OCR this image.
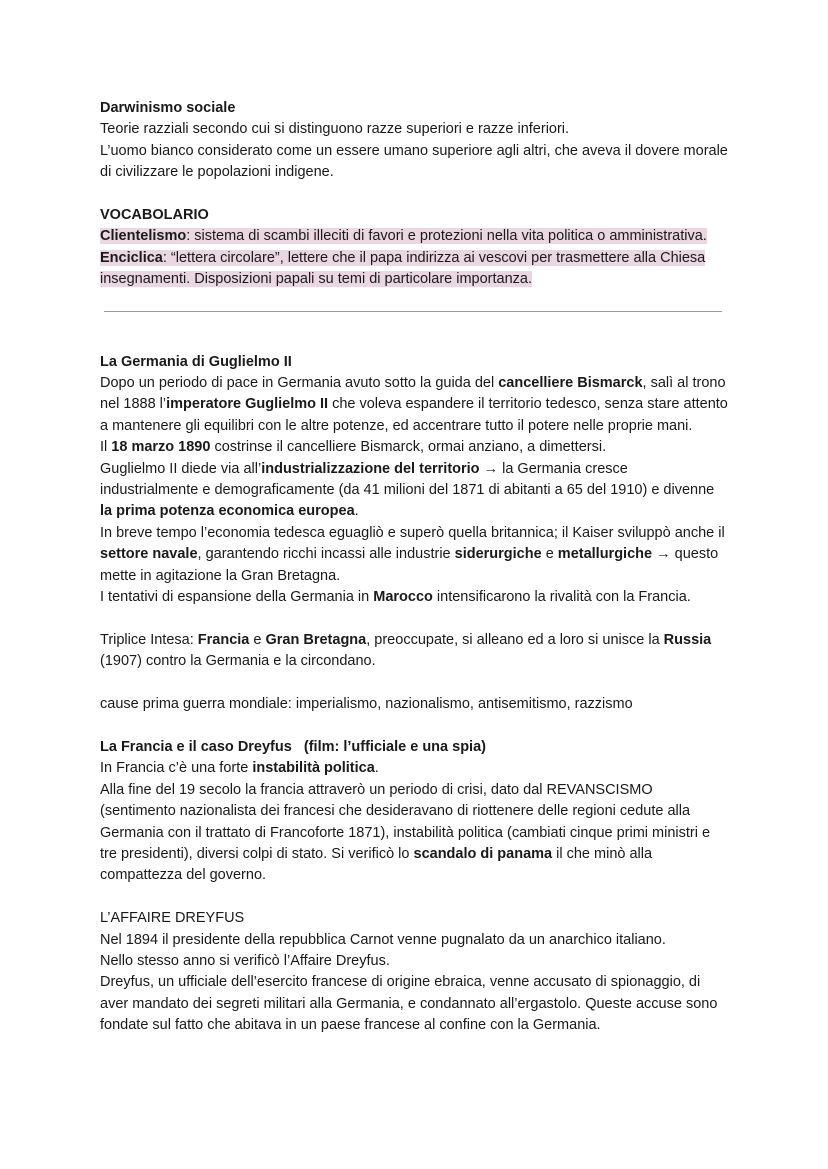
Darwinismo sociale

Teorie razziali secondo cui si distinguono razze superiori e razze inferiori.

L’uomo bianco considerato come un essere umano superiore agli altri, che aveva il dovere morale di civilizzare le popolazioni indigene.

VOCABOLARIO

Clientelismo: sistema di scambi illeciti di favori e protezioni nella vita politica o amministrativa.

Enciclica: “lettera circolare”, lettere che il papa indirizza ai vescovi per trasmettere alla Chiesa insegnamenti. Disposizioni papali su temi di particolare importanza.

La Germania di Guglielmo II

Dopo un periodo di pace in Germania avuto sotto la guida del cancelliere Bismarck, salì al trono nel 1888 l’imperatore Guglielmo II che voleva espandere il territorio tedesco, senza stare attento a mantenere gli equilibri con le altre potenze, ed accentrare tutto il potere nelle proprie mani.

Il 18 marzo 1890 costrinse il cancelliere Bismarck, ormai anziano, a dimettersi.

Guglielmo II diede via all’industrializzazione del territorio → la Germania cresce industrialmente e demograficamente (da 41 milioni del 1871 di abitanti a 65 del 1910) e divenne la prima potenza economica europea.

In breve tempo l’economia tedesca eguagliò e superò quella britannica; il Kaiser sviluppò anche il settore navale, garantendo ricchi incassi alle industrie siderurgiche e metallurgiche → questo mette in agitazione la Gran Bretagna.

I tentativi di espansione della Germania in Marocco intensificarono la rivalità con la Francia.

Triplice Intesa: Francia e Gran Bretagna, preoccupate, si alleano ed a loro si unisce la Russia (1907) contro la Germania e la circondano.

cause prima guerra mondiale: imperialismo, nazionalismo, antisemitismo, razzismo

La Francia e il caso Dreyfus   (film: l’ufficiale e una spia)

In Francia c’è una forte instabilità politica.

Alla fine del 19 secolo la francia attraverò un periodo di crisi, dato dal REVANSCISMO (sentimento nazionalista dei francesi che desideravano di riottenere delle regioni cedute alla Germania con il trattato di Francoforte 1871), instabilità politica (cambiati cinque primi ministri e tre presidenti), diversi colpi di stato. Si verificò lo scandalo di panama il che minò alla compattezza del governo.

L’AFFAIRE DREYFUS

Nel 1894 il presidente della repubblica Carnot venne pugnalato da un anarchico italiano.

Nello stesso anno si verificò l’Affaire Dreyfus.

Dreyfus, un ufficiale dell’esercito francese di origine ebraica, venne accusato di spionaggio, di aver mandato dei segreti militari alla Germania, e condannato all’ergastolo. Queste accuse sono fondate sul fatto che abitava in un paese francese al confine con la Germania.
